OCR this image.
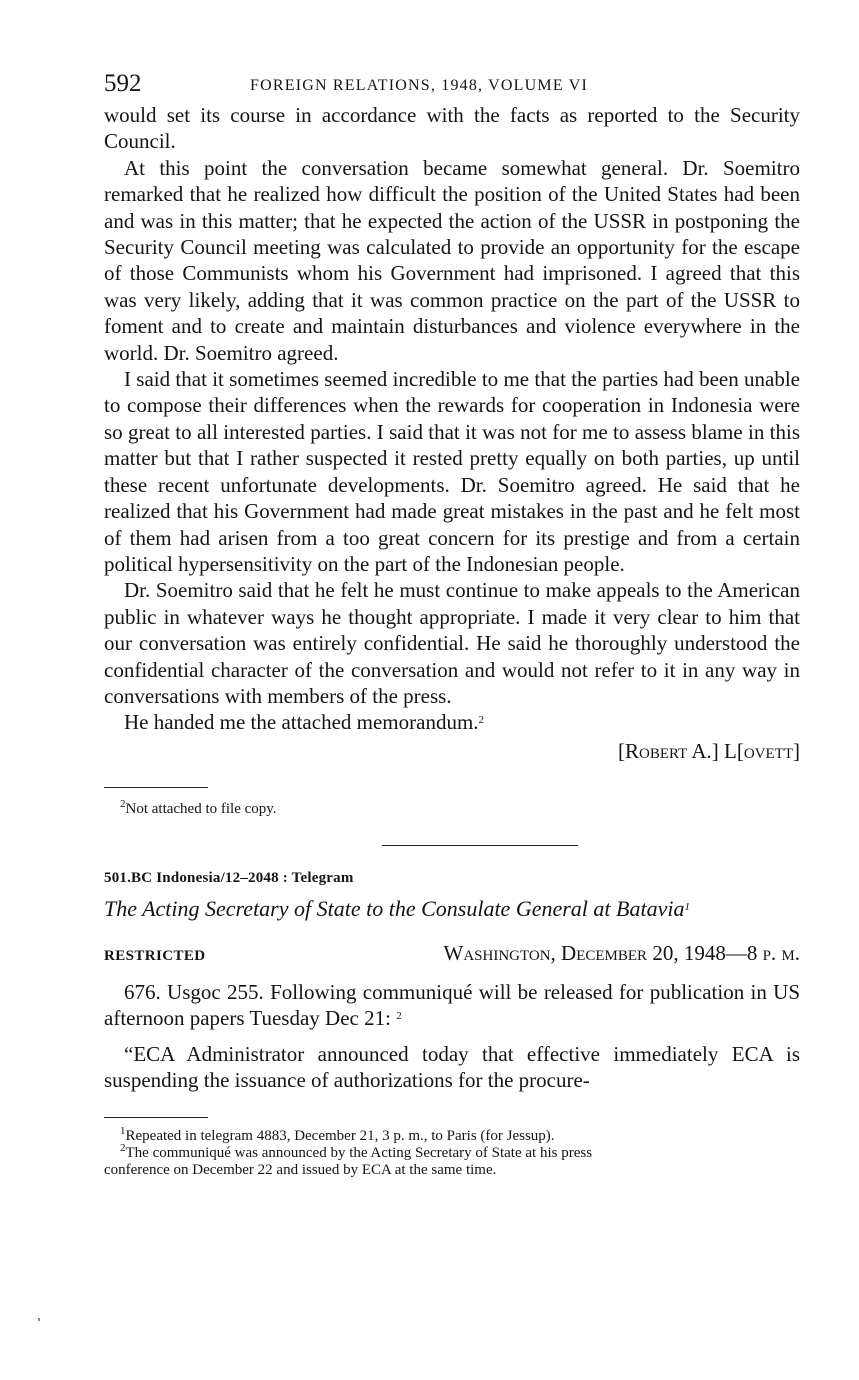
592	FOREIGN RELATIONS, 1948, VOLUME VI

would set its course in accordance with the facts as reported to the Security Council.

At this point the conversation became somewhat general. Dr. Soemitro remarked that he realized how difficult the position of the United States had been and was in this matter; that he expected the action of the USSR in postponing the Security Council meeting was calculated to provide an opportunity for the escape of those Communists whom his Government had imprisoned. I agreed that this was very likely, adding that it was common practice on the part of the USSR to foment and to create and maintain disturbances and violence everywhere in the world. Dr. Soemitro agreed.

I said that it sometimes seemed incredible to me that the parties had been unable to compose their differences when the rewards for cooperation in Indonesia were so great to all interested parties. I said that it was not for me to assess blame in this matter but that I rather suspected it rested pretty equally on both parties, up until these recent unfortunate developments. Dr. Soemitro agreed. He said that he realized that his Government had made great mistakes in the past and he felt most of them had arisen from a too great concern for its prestige and from a certain political hypersensitivity on the part of the Indonesian people.

Dr. Soemitro said that he felt he must continue to make appeals to the American public in whatever ways he thought appropriate. I made it very clear to him that our conversation was entirely confidential. He said he thoroughly understood the confidential character of the conversation and would not refer to it in any way in conversations with members of the press.

He handed me the attached memorandum.$^2$

[Robert A.] L[ovett]
$^2$Not attached to file copy.
501.BC Indonesia/12–2048 : Telegram
The Acting Secretary of State to the Consulate General at Batavia$^1$
RESTRICTED	Washington, December 20, 1948—8 p. m.

676. Usgoc 255. Following communiqué will be released for publication in US afternoon papers Tuesday Dec 21: $^2$

“ECA Administrator announced today that effective immediately ECA is suspending the issuance of authorizations for the procure-

$^1$Repeated in telegram 4883, December 21, 3 p. m., to Paris (for Jessup).
$^2$The communiqué was announced by the Acting Secretary of State at his press
conference on December 22 and issued by ECA at the same time.
